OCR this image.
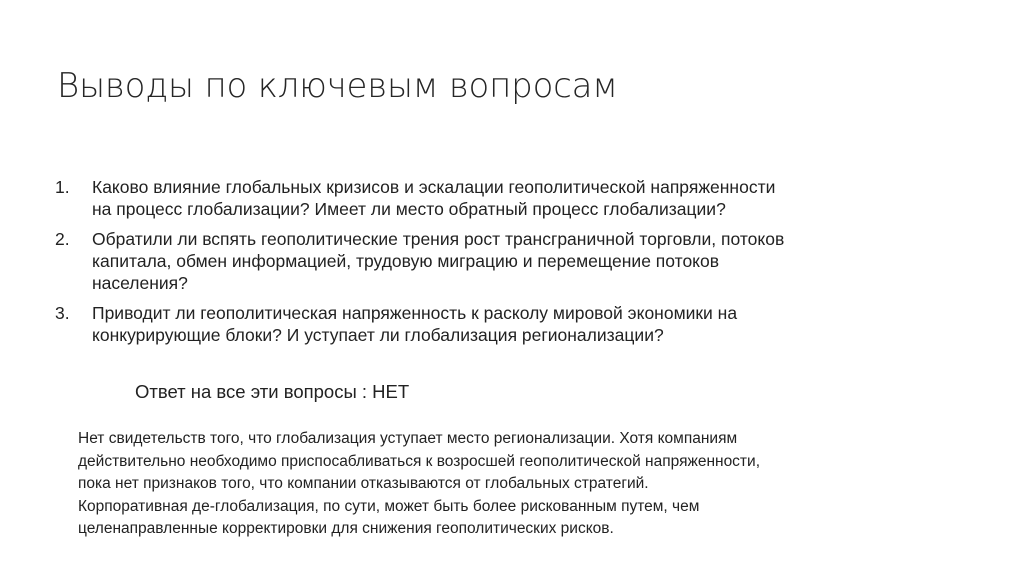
Выводы по ключевым вопросам
1.	Каково влияние глобальных кризисов и эскалации геополитической напряженности
на процесс глобализации? Имеет ли место обратный процесс глобализации?
2.	Обратили ли вспять геополитические трения рост трансграничной торговли, потоков
капитала, обмен информацией, трудовую миграцию и перемещение потоков
населения?
3.	Приводит ли геополитическая напряженность к расколу мировой экономики на
конкурирующие блоки? И уступает ли глобализация регионализации?
Ответ на все эти вопросы : НЕТ
Нет свидетельств того, что глобализация уступает место регионализации. Хотя компаниям
действительно необходимо приспосабливаться к возросшей геополитической напряженности,
пока нет признаков того, что компании отказываются от глобальных стратегий.
Корпоративная де-глобализация, по сути, может быть более рискованным путем, чем
целенаправленные корректировки для снижения геополитических рисков.
